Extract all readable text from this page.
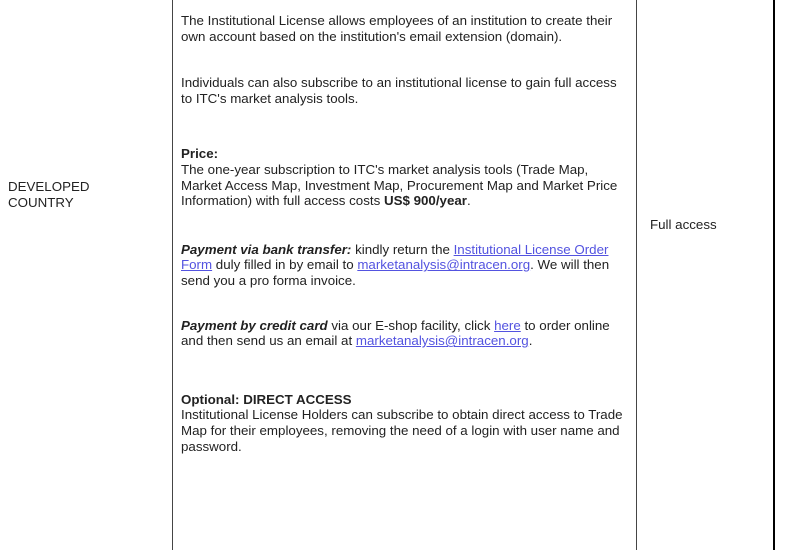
DEVELOPED COUNTRY

The Institutional License allows employees of an institution to create their own account based on the institution's email extension (domain).

Individuals can also subscribe to an institutional license to gain full access to ITC's market analysis tools.

Price:
The one-year subscription to ITC's market analysis tools (Trade Map, Market Access Map, Investment Map, Procurement Map and Market Price Information) with full access costs US$ 900/year.

Payment via bank transfer: kindly return the Institutional License Order Form duly filled in by email to marketanalysis@intracen.org. We will then send you a pro forma invoice.

Payment by credit card via our E-shop facility, click here to order online and then send us an email at marketanalysis@intracen.org.

Optional: DIRECT ACCESS
Institutional License Holders can subscribe to obtain direct access to Trade Map for their employees, removing the need of a login with user name and password.

Full access
